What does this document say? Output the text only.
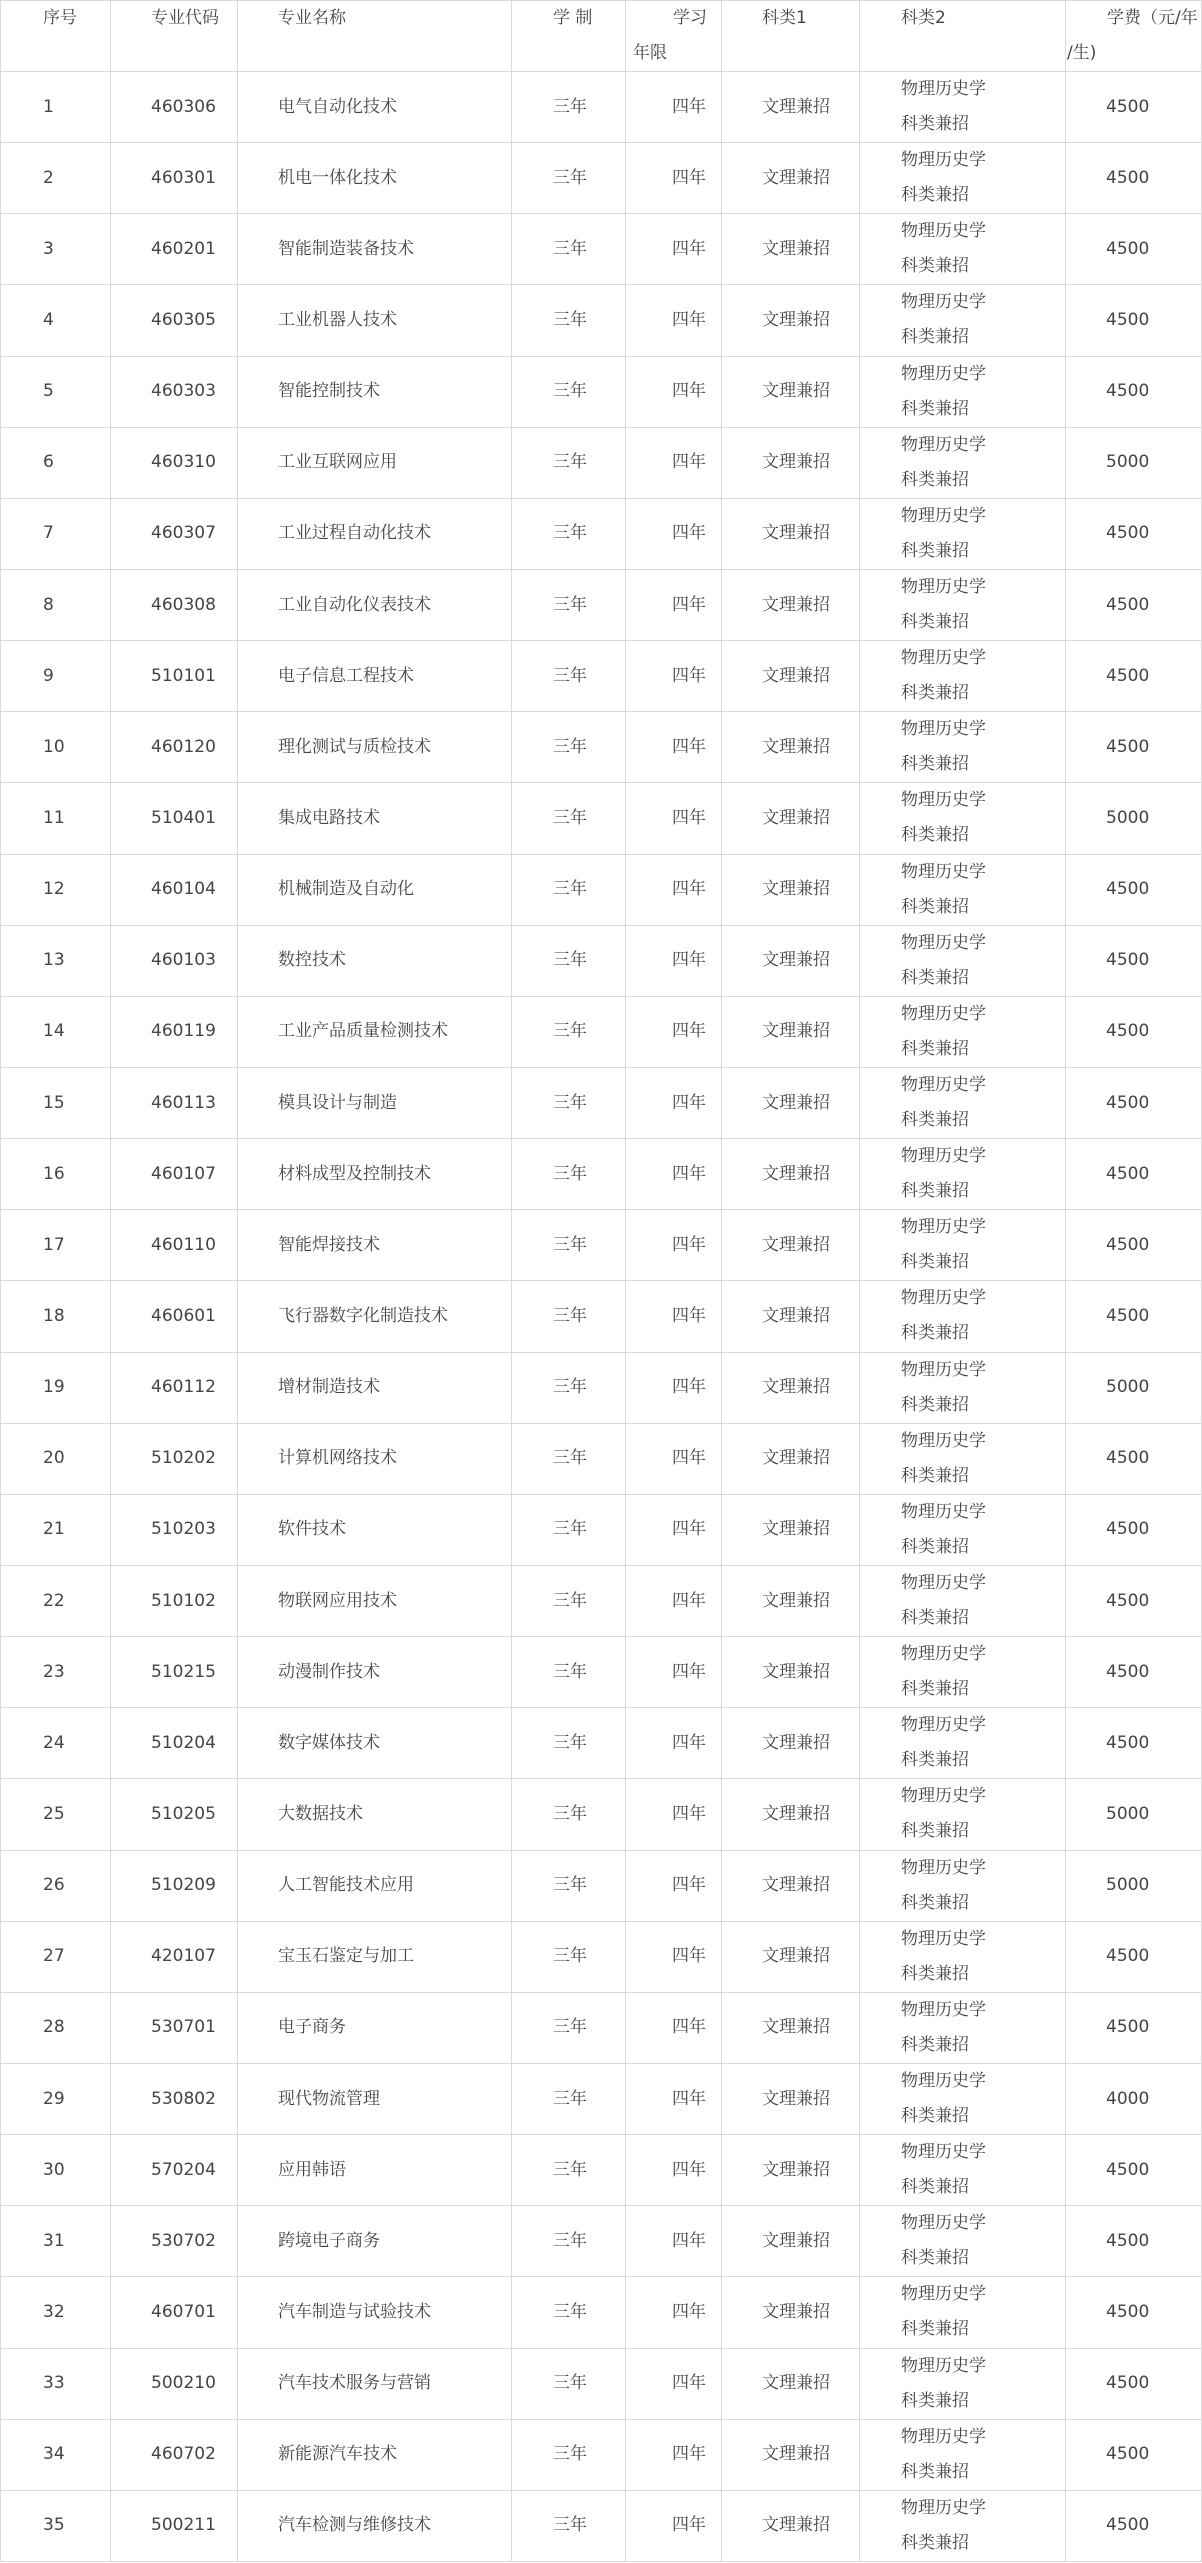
序号	专业代码	专业名称	学 制	学习
年限	科类1	科类2	学费（元/年
/生)

1	460306	电气自动化技术	三年	四年	文理兼招	物理历史学
科类兼招	4500
2	460301	机电一体化技术	三年	四年	文理兼招	物理历史学
科类兼招	4500
3	460201	智能制造装备技术	三年	四年	文理兼招	物理历史学
科类兼招	4500
4	460305	工业机器人技术	三年	四年	文理兼招	物理历史学
科类兼招	4500
5	460303	智能控制技术	三年	四年	文理兼招	物理历史学
科类兼招	4500
6	460310	工业互联网应用	三年	四年	文理兼招	物理历史学
科类兼招	5000
7	460307	工业过程自动化技术	三年	四年	文理兼招	物理历史学
科类兼招	4500
8	460308	工业自动化仪表技术	三年	四年	文理兼招	物理历史学
科类兼招	4500
9	510101	电子信息工程技术	三年	四年	文理兼招	物理历史学
科类兼招	4500
10	460120	理化测试与质检技术	三年	四年	文理兼招	物理历史学
科类兼招	4500
11	510401	集成电路技术	三年	四年	文理兼招	物理历史学
科类兼招	5000
12	460104	机械制造及自动化	三年	四年	文理兼招	物理历史学
科类兼招	4500
13	460103	数控技术	三年	四年	文理兼招	物理历史学
科类兼招	4500
14	460119	工业产品质量检测技术	三年	四年	文理兼招	物理历史学
科类兼招	4500
15	460113	模具设计与制造	三年	四年	文理兼招	物理历史学
科类兼招	4500
16	460107	材料成型及控制技术	三年	四年	文理兼招	物理历史学
科类兼招	4500
17	460110	智能焊接技术	三年	四年	文理兼招	物理历史学
科类兼招	4500
18	460601	飞行器数字化制造技术	三年	四年	文理兼招	物理历史学
科类兼招	4500
19	460112	增材制造技术	三年	四年	文理兼招	物理历史学
科类兼招	5000
20	510202	计算机网络技术	三年	四年	文理兼招	物理历史学
科类兼招	4500
21	510203	软件技术	三年	四年	文理兼招	物理历史学
科类兼招	4500
22	510102	物联网应用技术	三年	四年	文理兼招	物理历史学
科类兼招	4500
23	510215	动漫制作技术	三年	四年	文理兼招	物理历史学
科类兼招	4500
24	510204	数字媒体技术	三年	四年	文理兼招	物理历史学
科类兼招	4500
25	510205	大数据技术	三年	四年	文理兼招	物理历史学
科类兼招	5000
26	510209	人工智能技术应用	三年	四年	文理兼招	物理历史学
科类兼招	5000
27	420107	宝玉石鉴定与加工	三年	四年	文理兼招	物理历史学
科类兼招	4500
28	530701	电子商务	三年	四年	文理兼招	物理历史学
科类兼招	4500
29	530802	现代物流管理	三年	四年	文理兼招	物理历史学
科类兼招	4000
30	570204	应用韩语	三年	四年	文理兼招	物理历史学
科类兼招	4500
31	530702	跨境电子商务	三年	四年	文理兼招	物理历史学
科类兼招	4500
32	460701	汽车制造与试验技术	三年	四年	文理兼招	物理历史学
科类兼招	4500
33	500210	汽车技术服务与营销	三年	四年	文理兼招	物理历史学
科类兼招	4500
34	460702	新能源汽车技术	三年	四年	文理兼招	物理历史学
科类兼招	4500
35	500211	汽车检测与维修技术	三年	四年	文理兼招	物理历史学
科类兼招	4500
